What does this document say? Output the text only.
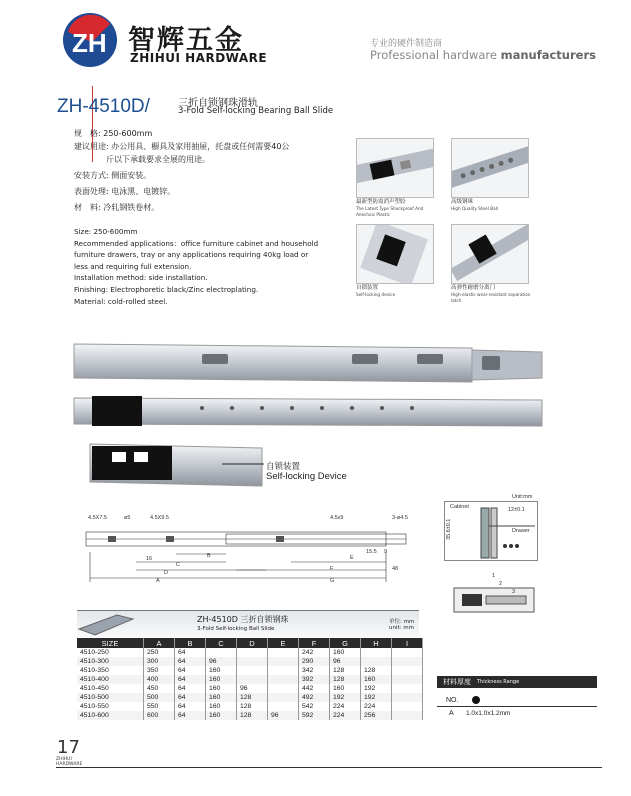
ZH 智辉五金
ZHIHUI HARDWARE
专业的硬件制造商
Professional hardware manufacturers
ZH-4510D/	三折自锁钢珠滑轨
3-Fold Self-locking Bearing Ball Slide
规　格: 250-600mm
建议用途: 办公用具、橱具及家用抽屉，托盘或任何需要40公
　　　　斤以下承载要求全展的用途。
安装方式: 侧面安装。
表面处理: 电泳黑、电镀锌。
材　料: 冷轧钢铁卷材。
Size: 250-600mm
Recommended applications：office furniture cabinet and household
furniture drawers, tray or any applications requiring 40kg load or
less and requiring full extension.
Installation method: side installation.
Finishing: Electrophoretic black/Zinc electroplating.
Material: cold-rolled steel.
最新型防震消声塑胶
The Latest Type Shockproof And Anechoic Plastic
高级钢珠
High Quality Steel Ball
自锁装置
Self-locking device
高弹性耐磨分离门
High-elastic wear-resistant separation latch
自锁装置
Self-locking Device
4.5X7.5	ø5	4.5X9.5	4.5x9	3-ø4.5
16	B
C
D
A
E
15.5 9
F	48
G
Unit:mm
Cabinet	12±0.1
35.6±0.1	Drawer
1
2
3
ZH-4510D 三折自锁钢珠
3-Fold Self-locking Ball Slide
单位: mm
unit: mm
SIZE	A	B	C	D	E	F	G	H	I
4510-250	250	64				242	160		
4510-300	300	64	96			290	96		
4510-350	350	64	160			342	128	128	
4510-400	400	64	160			392	128	160	
4510-450	450	64	160	96		442	160	192	
4510-500	500	64	160	128		492	192	192	
4510-550	550	64	160	128		542	224	224	
4510-600	600	64	160	128	96	592	224	256	
材料厚度 Thickness Range
NO.
A 1.0x1.0x1.2mm
17
ZHIHUI
HARDWARE
